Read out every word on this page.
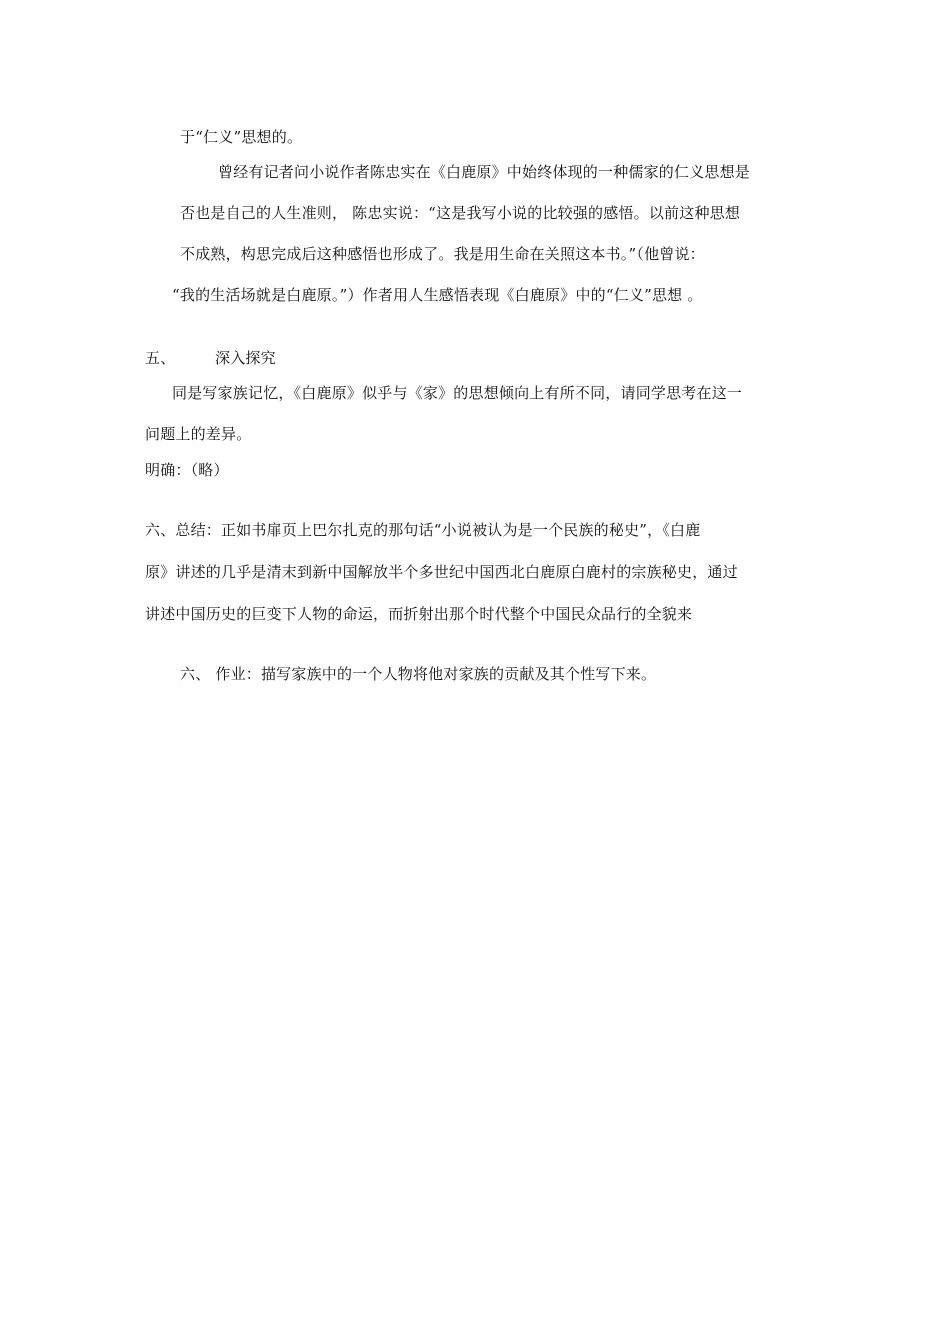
于“仁义”思想的。
曾经有记者问小说作者陈忠实在《白鹿原》中始终体现的一种儒家的仁义思想是
否也是自己的人生准则， 陈忠实说：“这是我写小说的比较强的感悟。以前这种思想
不成熟，构思完成后这种感悟也形成了。我是用生命在关照这本书。”（他曾说：
“我的生活场就是白鹿原。”）作者用人生感悟表现《白鹿原》中的“仁义”思想 。
五、	深入探究
同是写家族记忆，《白鹿原》似乎与《家》的思想倾向上有所不同，请同学思考在这一
问题上的差异。
明确：（略）
六、总结：正如书扉页上巴尔扎克的那句话“小说被认为是一个民族的秘史”，《白鹿
原》讲述的几乎是清末到新中国解放半个多世纪中国西北白鹿原白鹿村的宗族秘史，通过
讲述中国历史的巨变下人物的命运，而折射出那个时代整个中国民众品行的全貌来
六、 作业：描写家族中的一个人物将他对家族的贡献及其个性写下来。
